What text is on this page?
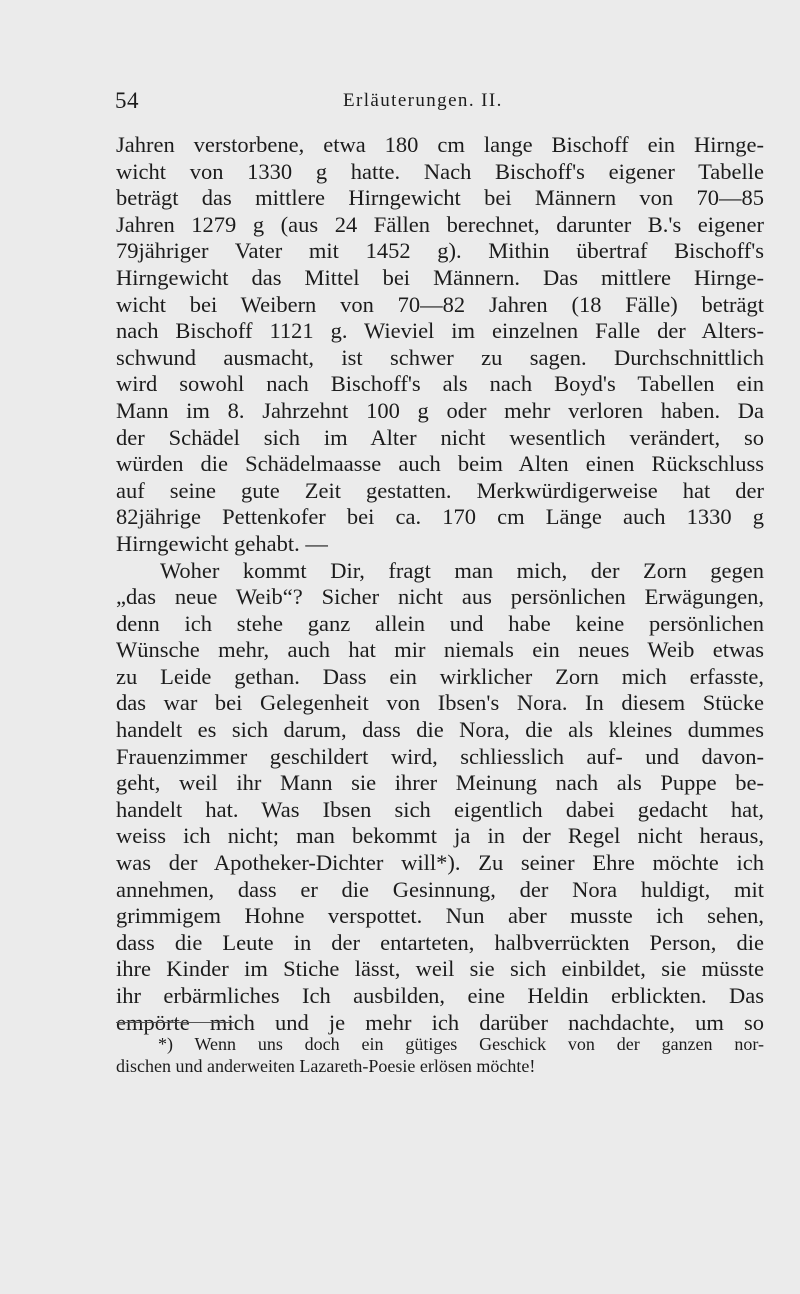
54	Erläuterungen. II.
Jahren verstorbene, etwa 180 cm lange Bischoff ein Hirnge-
wicht von 1330 g hatte. Nach Bischoff's eigener Tabelle
beträgt das mittlere Hirngewicht bei Männern von 70—85
Jahren 1279 g (aus 24 Fällen berechnet, darunter B.'s eigener
79jähriger Vater mit 1452 g). Mithin übertraf Bischoff's
Hirngewicht das Mittel bei Männern. Das mittlere Hirnge-
wicht bei Weibern von 70—82 Jahren (18 Fälle) beträgt
nach Bischoff 1121 g. Wieviel im einzelnen Falle der Alters-
schwund ausmacht, ist schwer zu sagen. Durchschnittlich
wird sowohl nach Bischoff's als nach Boyd's Tabellen ein
Mann im 8. Jahrzehnt 100 g oder mehr verloren haben. Da
der Schädel sich im Alter nicht wesentlich verändert, so
würden die Schädelmaasse auch beim Alten einen Rückschluss
auf seine gute Zeit gestatten. Merkwürdigerweise hat der
82jährige Pettenkofer bei ca. 170 cm Länge auch 1330 g
Hirngewicht gehabt. —
Woher kommt Dir, fragt man mich, der Zorn gegen
„das neue Weib“? Sicher nicht aus persönlichen Erwägungen,
denn ich stehe ganz allein und habe keine persönlichen
Wünsche mehr, auch hat mir niemals ein neues Weib etwas
zu Leide gethan. Dass ein wirklicher Zorn mich erfasste,
das war bei Gelegenheit von Ibsen's Nora. In diesem Stücke
handelt es sich darum, dass die Nora, die als kleines dummes
Frauenzimmer geschildert wird, schliesslich auf- und davon-
geht, weil ihr Mann sie ihrer Meinung nach als Puppe be-
handelt hat. Was Ibsen sich eigentlich dabei gedacht hat,
weiss ich nicht; man bekommt ja in der Regel nicht heraus,
was der Apotheker-Dichter will*). Zu seiner Ehre möchte ich
annehmen, dass er die Gesinnung, der Nora huldigt, mit
grimmigem Hohne verspottet. Nun aber musste ich sehen,
dass die Leute in der entarteten, halbverrückten Person, die
ihre Kinder im Stiche lässt, weil sie sich einbildet, sie müsste
ihr erbärmliches Ich ausbilden, eine Heldin erblickten. Das
empörte mich und je mehr ich darüber nachdachte, um so
*) Wenn uns doch ein gütiges Geschick von der ganzen nor-
dischen und anderweiten Lazareth-Poesie erlösen möchte!
